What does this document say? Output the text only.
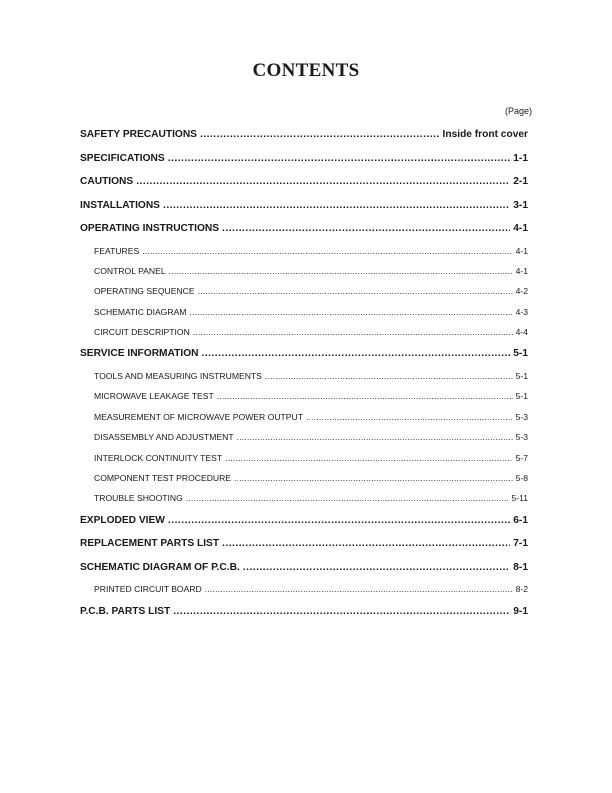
CONTENTS
(Page)
SAFETY PRECAUTIONS .....	Inside front cover
SPECIFICATIONS .....	1-1
CAUTIONS .....	2-1
INSTALLATIONS .....	3-1
OPERATING INSTRUCTIONS .....	4-1
FEATURES .....	4-1
CONTROL PANEL .....	4-1
OPERATING SEQUENCE .....	4-2
SCHEMATIC DIAGRAM .....	4-3
CIRCUIT DESCRIPTION .....	4-4
SERVICE INFORMATION .....	5-1
TOOLS AND MEASURING INSTRUMENTS .....	5-1
MICROWAVE LEAKAGE TEST .....	5-1
MEASUREMENT OF MICROWAVE POWER OUTPUT .....	5-3
DISASSEMBLY AND ADJUSTMENT .....	5-3
INTERLOCK CONTINUITY TEST .....	5-7
COMPONENT TEST PROCEDURE .....	5-8
TROUBLE SHOOTING .....	5-11
EXPLODED VIEW .....	6-1
REPLACEMENT PARTS LIST .....	7-1
SCHEMATIC DIAGRAM OF P.C.B. .....	8-1
PRINTED CIRCUIT BOARD .....	8-2
P.C.B. PARTS LIST .....	9-1
